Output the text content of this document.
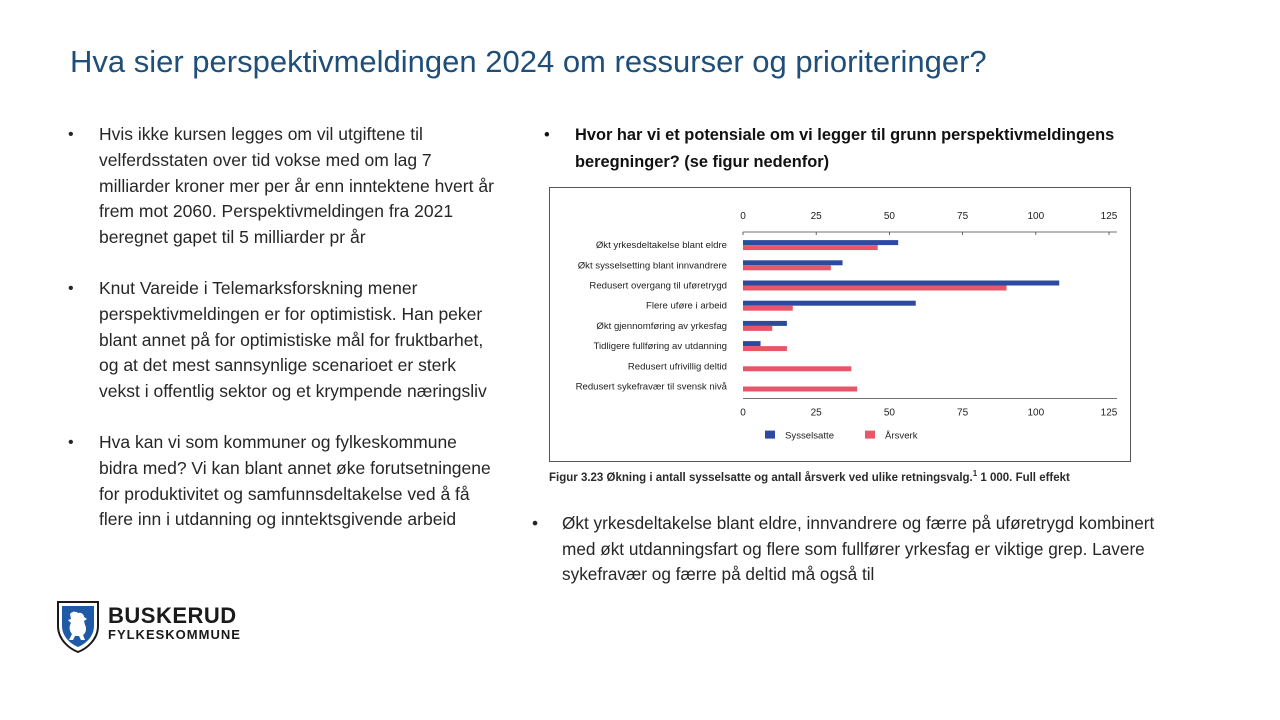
Hva sier perspektivmeldingen 2024 om ressurser og prioriteringer?
• Hvis ikke kursen legges om vil utgiftene til velferdsstaten over tid vokse med om lag 7 milliarder kroner mer per år enn inntektene hvert år frem mot 2060. Perspektivmeldingen fra 2021 beregnet gapet til 5 milliarder pr år
• Knut Vareide i Telemarksforskning mener perspektivmeldingen er for optimistisk. Han peker blant annet på for optimistiske mål for fruktbarhet, og at det mest sannsynlige scenarioet er sterk vekst i offentlig sektor og et krympende næringsliv
• Hva kan vi som kommuner og fylkeskommune bidra med? Vi kan blant annet øke forutsetningene for produktivitet og samfunnsdeltakelse ved å få flere inn i utdanning og inntektsgivende arbeid
• Hvor har vi et potensiale om vi legger til grunn perspektivmeldingens beregninger? (se figur nedenfor)
0
0
25
25
50
50
75
75
100
100
125
125
Økt yrkesdeltakelse blant eldre
Økt sysselsetting blant innvandrere
Redusert overgang til uføretrygd
Flere uføre i arbeid
Økt gjennomføring av yrkesfag
Tidligere fullføring av utdanning
Redusert ufrivillig deltid
Redusert sykefravær til svensk nivå
Sysselsatte	Årsverk
Figur 3.23 Økning i antall sysselsatte og antall årsverk ved ulike retningsvalg.$^1$ 1 000. Full effekt
• Økt yrkesdeltakelse blant eldre, innvandrere og færre på uføretrygd kombinert med økt utdanningsfart og flere som fullfører yrkesfag er viktige grep. Lavere sykefravær og færre på deltid må også til
BUSKERUD
FYLKESKOMMUNE
